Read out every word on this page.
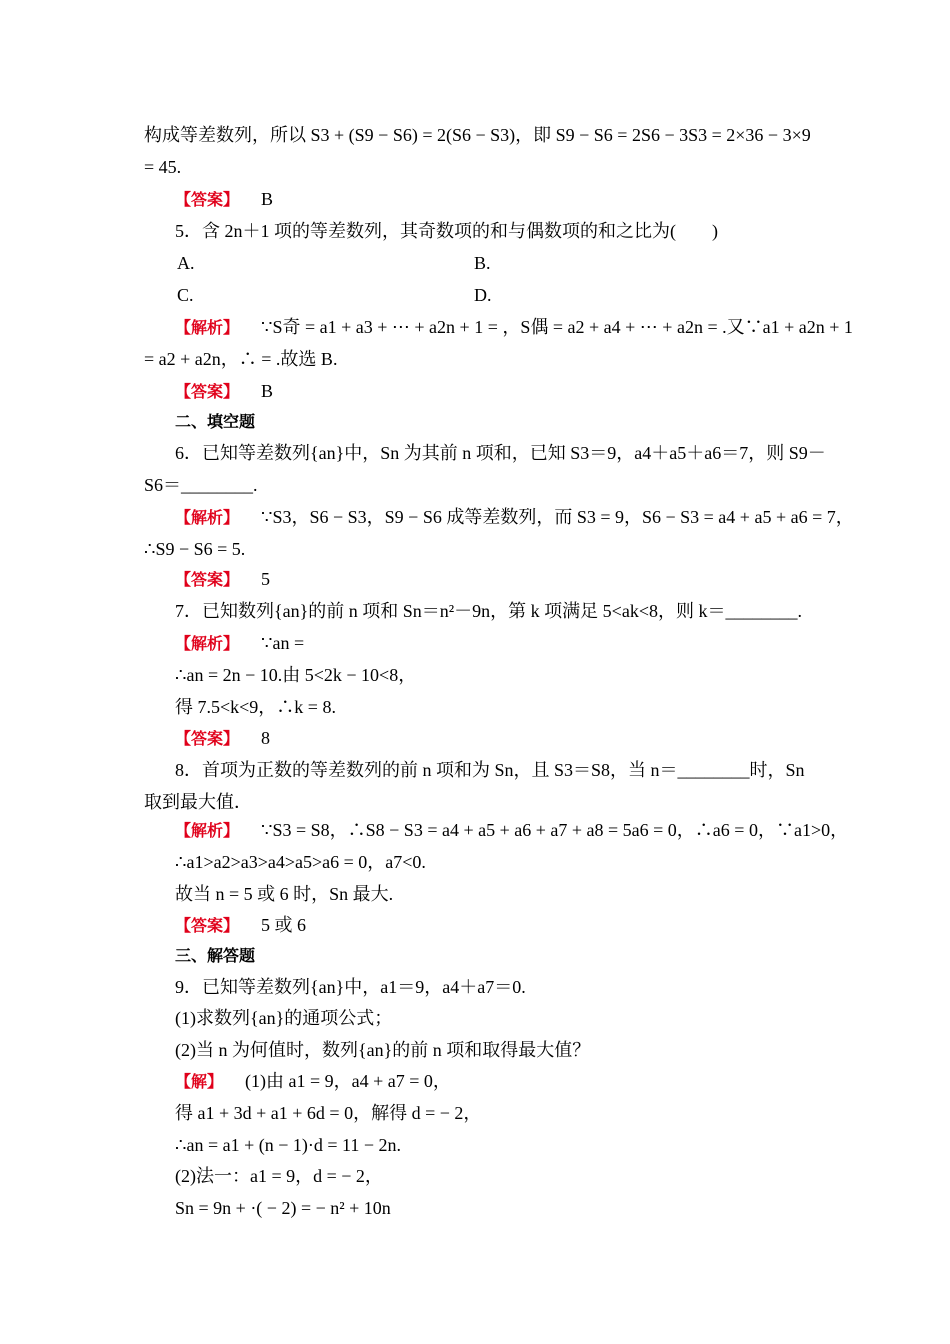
构成等差数列，所以 S3 + (S9 − S6) = 2(S6 − S3)，即 S9 − S6 = 2S6 − 3S3 = 2×36 − 3×9
= 45.
【答案】 B
5．含 2n＋1 项的等差数列，其奇数项的和与偶数项的和之比为(　　)
A.	B.
C.	D.
【解析】 ∵S奇 = a1 + a3 + ⋯ + a2n + 1 = ，S偶 = a2 + a4 + ⋯ + a2n = .又∵a1 + a2n + 1
= a2 + a2n，∴ = .故选 B.
【答案】 B
二、填空题
6．已知等差数列{an}中，Sn 为其前 n 项和，已知 S3＝9，a4＋a5＋a6＝7，则 S9－
S6＝________.
【解析】 ∵S3，S6 − S3，S9 − S6 成等差数列，而 S3 = 9，S6 − S3 = a4 + a5 + a6 = 7，
∴S9 − S6 = 5.
【答案】 5
7．已知数列{an}的前 n 项和 Sn＝n²－9n，第 k 项满足 5<ak<8，则 k＝________.
【解析】 ∵an =
∴an = 2n − 10.由 5<2k − 10<8，
得 7.5<k<9，∴k = 8.
【答案】 8
8．首项为正数的等差数列的前 n 项和为 Sn，且 S3＝S8，当 n＝________时，Sn
取到最大值．
【解析】 ∵S3 = S8，∴S8 − S3 = a4 + a5 + a6 + a7 + a8 = 5a6 = 0，∴a6 = 0，∵a1>0，
∴a1>a2>a3>a4>a5>a6 = 0，a7<0.
故当 n = 5 或 6 时，Sn 最大.
【答案】 5 或 6
三、解答题
9．已知等差数列{an}中，a1＝9，a4＋a7＝0.
(1)求数列{an}的通项公式；
(2)当 n 为何值时，数列{an}的前 n 项和取得最大值？
【解】 (1)由 a1 = 9，a4 + a7 = 0，
得 a1 + 3d + a1 + 6d = 0，解得 d = − 2，
∴an = a1 + (n − 1)·d = 11 − 2n.
(2)法一：a1 = 9，d = − 2，
Sn = 9n + ·( − 2) = − n² + 10n
